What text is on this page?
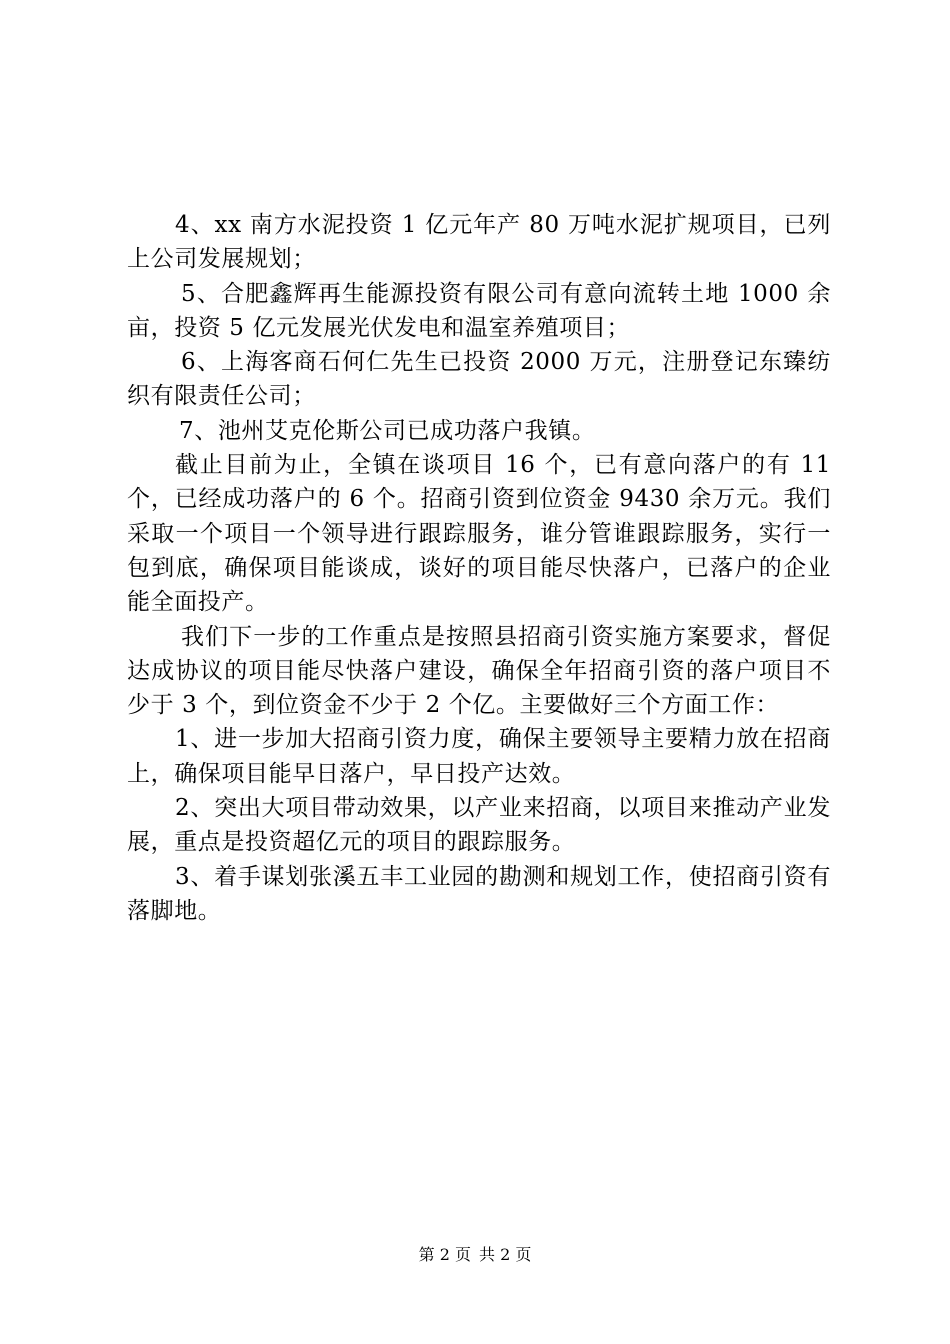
4、xx 南方水泥投资 1 亿元年产 80 万吨水泥扩规项目，已列上公司发展规划；

5、合肥鑫辉再生能源投资有限公司有意向流转土地 1000 余亩，投资 5 亿元发展光伏发电和温室养殖项目；

6、上海客商石何仁先生已投资 2000 万元，注册登记东臻纺织有限责任公司；

7、池州艾克伦斯公司已成功落户我镇。

截止目前为止，全镇在谈项目 16 个，已有意向落户的有 11 个，已经成功落户的 6 个。招商引资到位资金 9430 余万元。我们采取一个项目一个领导进行跟踪服务，谁分管谁跟踪服务，实行一包到底，确保项目能谈成，谈好的项目能尽快落户，已落户的企业能全面投产。

我们下一步的工作重点是按照县招商引资实施方案要求，督促达成协议的项目能尽快落户建设，确保全年招商引资的落户项目不少于 3 个，到位资金不少于 2 个亿。主要做好三个方面工作：

1、进一步加大招商引资力度，确保主要领导主要精力放在招商上，确保项目能早日落户，早日投产达效。

2、突出大项目带动效果，以产业来招商，以项目来推动产业发展，重点是投资超亿元的项目的跟踪服务。

3、着手谋划张溪五丰工业园的勘测和规划工作，使招商引资有落脚地。

第 2 页 共 2 页
